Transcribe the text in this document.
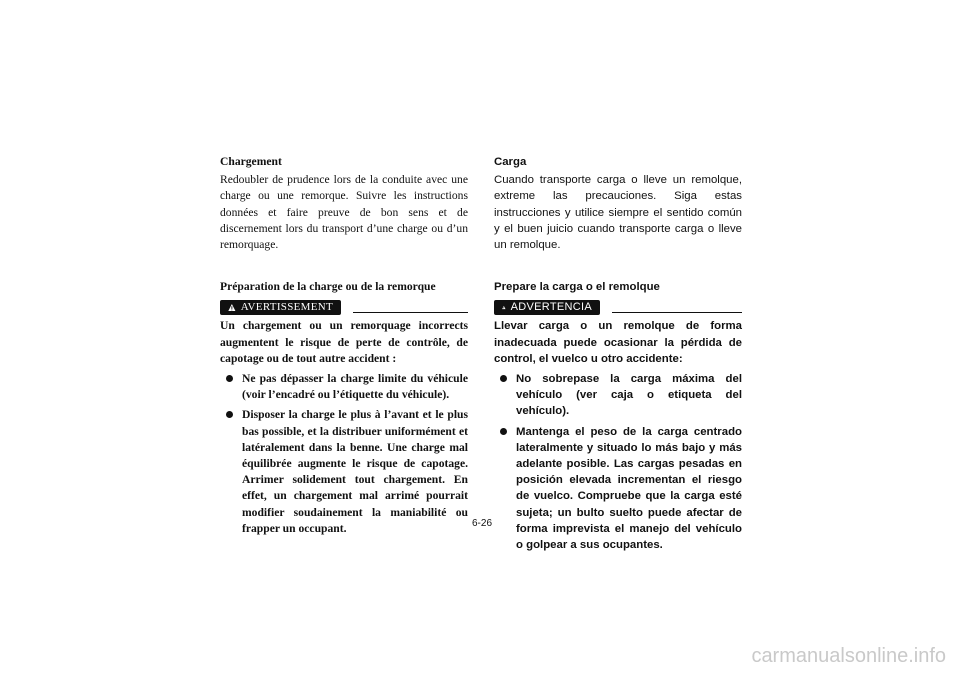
Chargement

Redoubler de prudence lors de la conduite avec une charge ou une remorque. Suivre les instructions données et faire preuve de bon sens et de discernement lors du transport d’une charge ou d’un remorquage.

Préparation de la charge ou de la remorque
AVERTISSEMENT

Un chargement ou un remorquage incorrects augmentent le risque de perte de contrôle, de capotage ou de tout autre accident :

Ne pas dépasser la charge limite du véhicule (voir l’encadré ou l’étiquette du véhicule).
Disposer la charge le plus à l’avant et le plus bas possible, et la distribuer uniformément et latéralement dans la benne. Une charge mal équilibrée augmente le risque de capotage. Arrimer solidement tout chargement. En effet, un chargement mal arrimé pourrait modifier soudainement la maniabilité ou frapper un occupant.
Carga

Cuando transporte carga o lleve un remolque, extreme las precauciones. Siga estas instrucciones y utilice siempre el sentido común y el buen juicio cuando transporte carga o lleve un remolque.

Prepare la carga o el remolque
ADVERTENCIA

Llevar carga o un remolque de forma inadecuada puede ocasionar la pérdida de control, el vuelco u otro accidente:

No sobrepase la carga máxima del vehículo (ver caja o etiqueta del vehículo).
Mantenga el peso de la carga centrado lateralmente y situado lo más bajo y más adelante posible. Las cargas pesadas en posición elevada incrementan el riesgo de vuelco. Compruebe que la carga esté sujeta; un bulto suelto puede afectar de forma imprevista el manejo del vehículo o golpear a sus ocupantes.
6-26
carmanualsonline.info
